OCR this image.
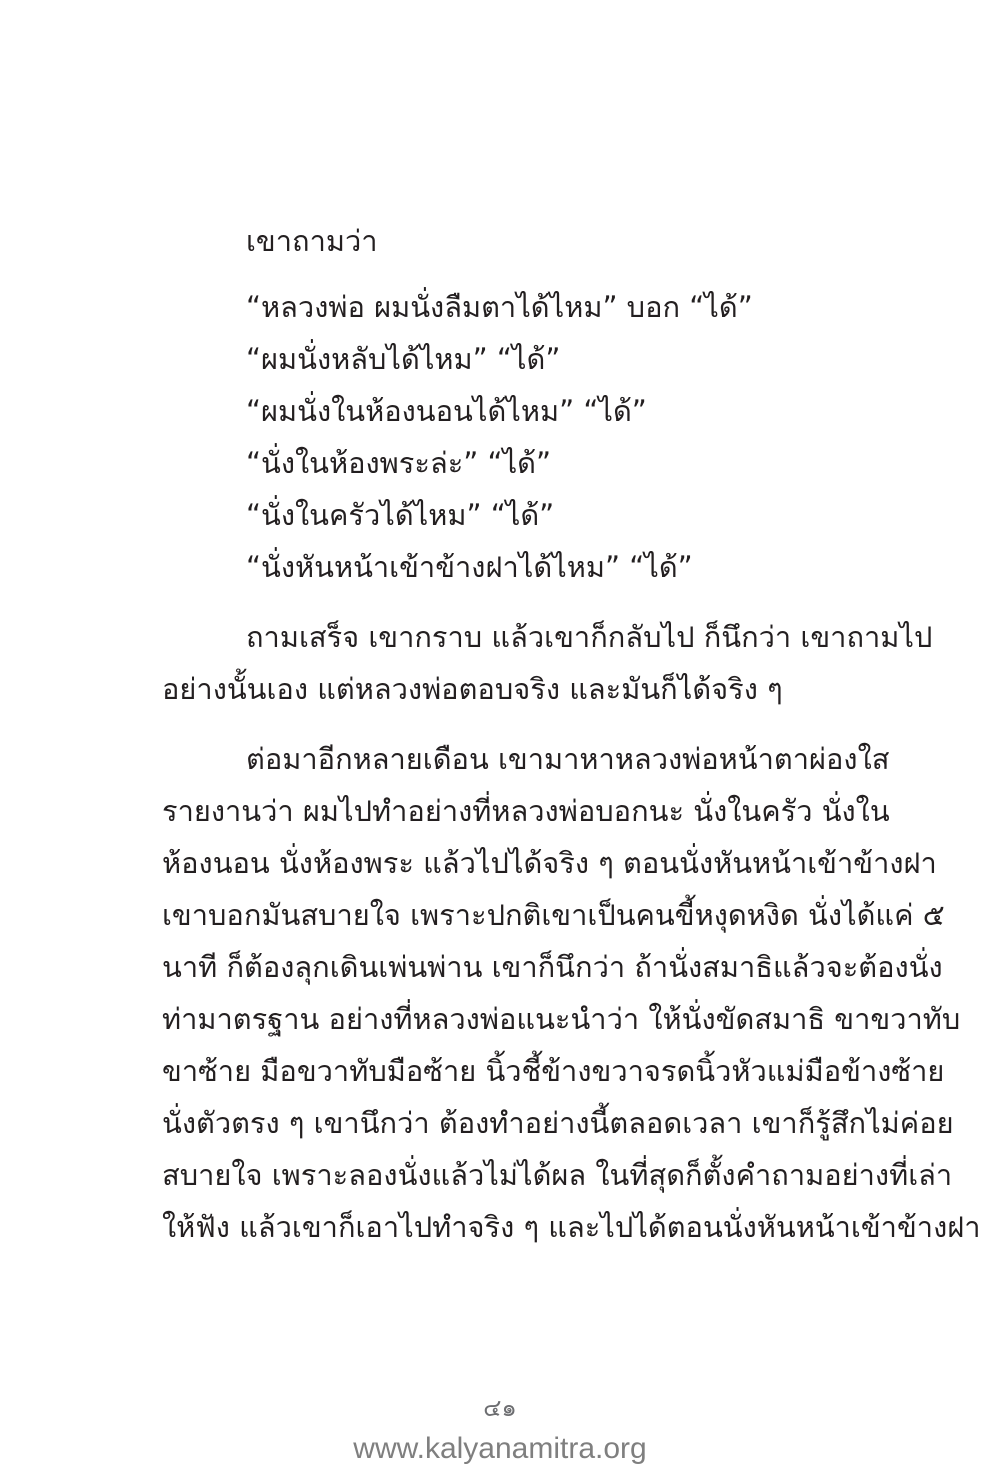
เขาถามว่า
“หลวงพ่อ ผมนั่งลืมตาได้ไหม” บอก “ได้”
“ผมนั่งหลับได้ไหม” “ได้”
“ผมนั่งในห้องนอนได้ไหม” “ได้”
“นั่งในห้องพระล่ะ” “ได้”
“นั่งในครัวได้ไหม” “ได้”
“นั่งหันหน้าเข้าข้างฝาได้ไหม” “ได้”
ถามเสร็จ เขากราบ แล้วเขาก็กลับไป ก็นึกว่า เขาถามไป
อย่างนั้นเอง แต่หลวงพ่อตอบจริง และมันก็ได้จริง ๆ
ต่อมาอีกหลายเดือน เขามาหาหลวงพ่อหน้าตาผ่องใส
รายงานว่า ผมไปทำอย่างที่หลวงพ่อบอกนะ นั่งในครัว นั่งใน
ห้องนอน นั่งห้องพระ แล้วไปได้จริง ๆ ตอนนั่งหันหน้าเข้าข้างฝา
เขาบอกมันสบายใจ เพราะปกติเขาเป็นคนขี้หงุดหงิด นั่งได้แค่ ๕
นาที ก็ต้องลุกเดินเพ่นพ่าน เขาก็นึกว่า ถ้านั่งสมาธิแล้วจะต้องนั่ง
ท่ามาตรฐาน อย่างที่หลวงพ่อแนะนำว่า ให้นั่งขัดสมาธิ ขาขวาทับ
ขาซ้าย มือขวาทับมือซ้าย นิ้วชี้ข้างขวาจรดนิ้วหัวแม่มือข้างซ้าย
นั่งตัวตรง ๆ เขานึกว่า ต้องทำอย่างนี้ตลอดเวลา เขาก็รู้สึกไม่ค่อย
สบายใจ เพราะลองนั่งแล้วไม่ได้ผล ในที่สุดก็ตั้งคำถามอย่างที่เล่า
ให้ฟัง แล้วเขาก็เอาไปทำจริง ๆ และไปได้ตอนนั่งหันหน้าเข้าข้างฝา
๔๑
www.kalyanamitra.org
